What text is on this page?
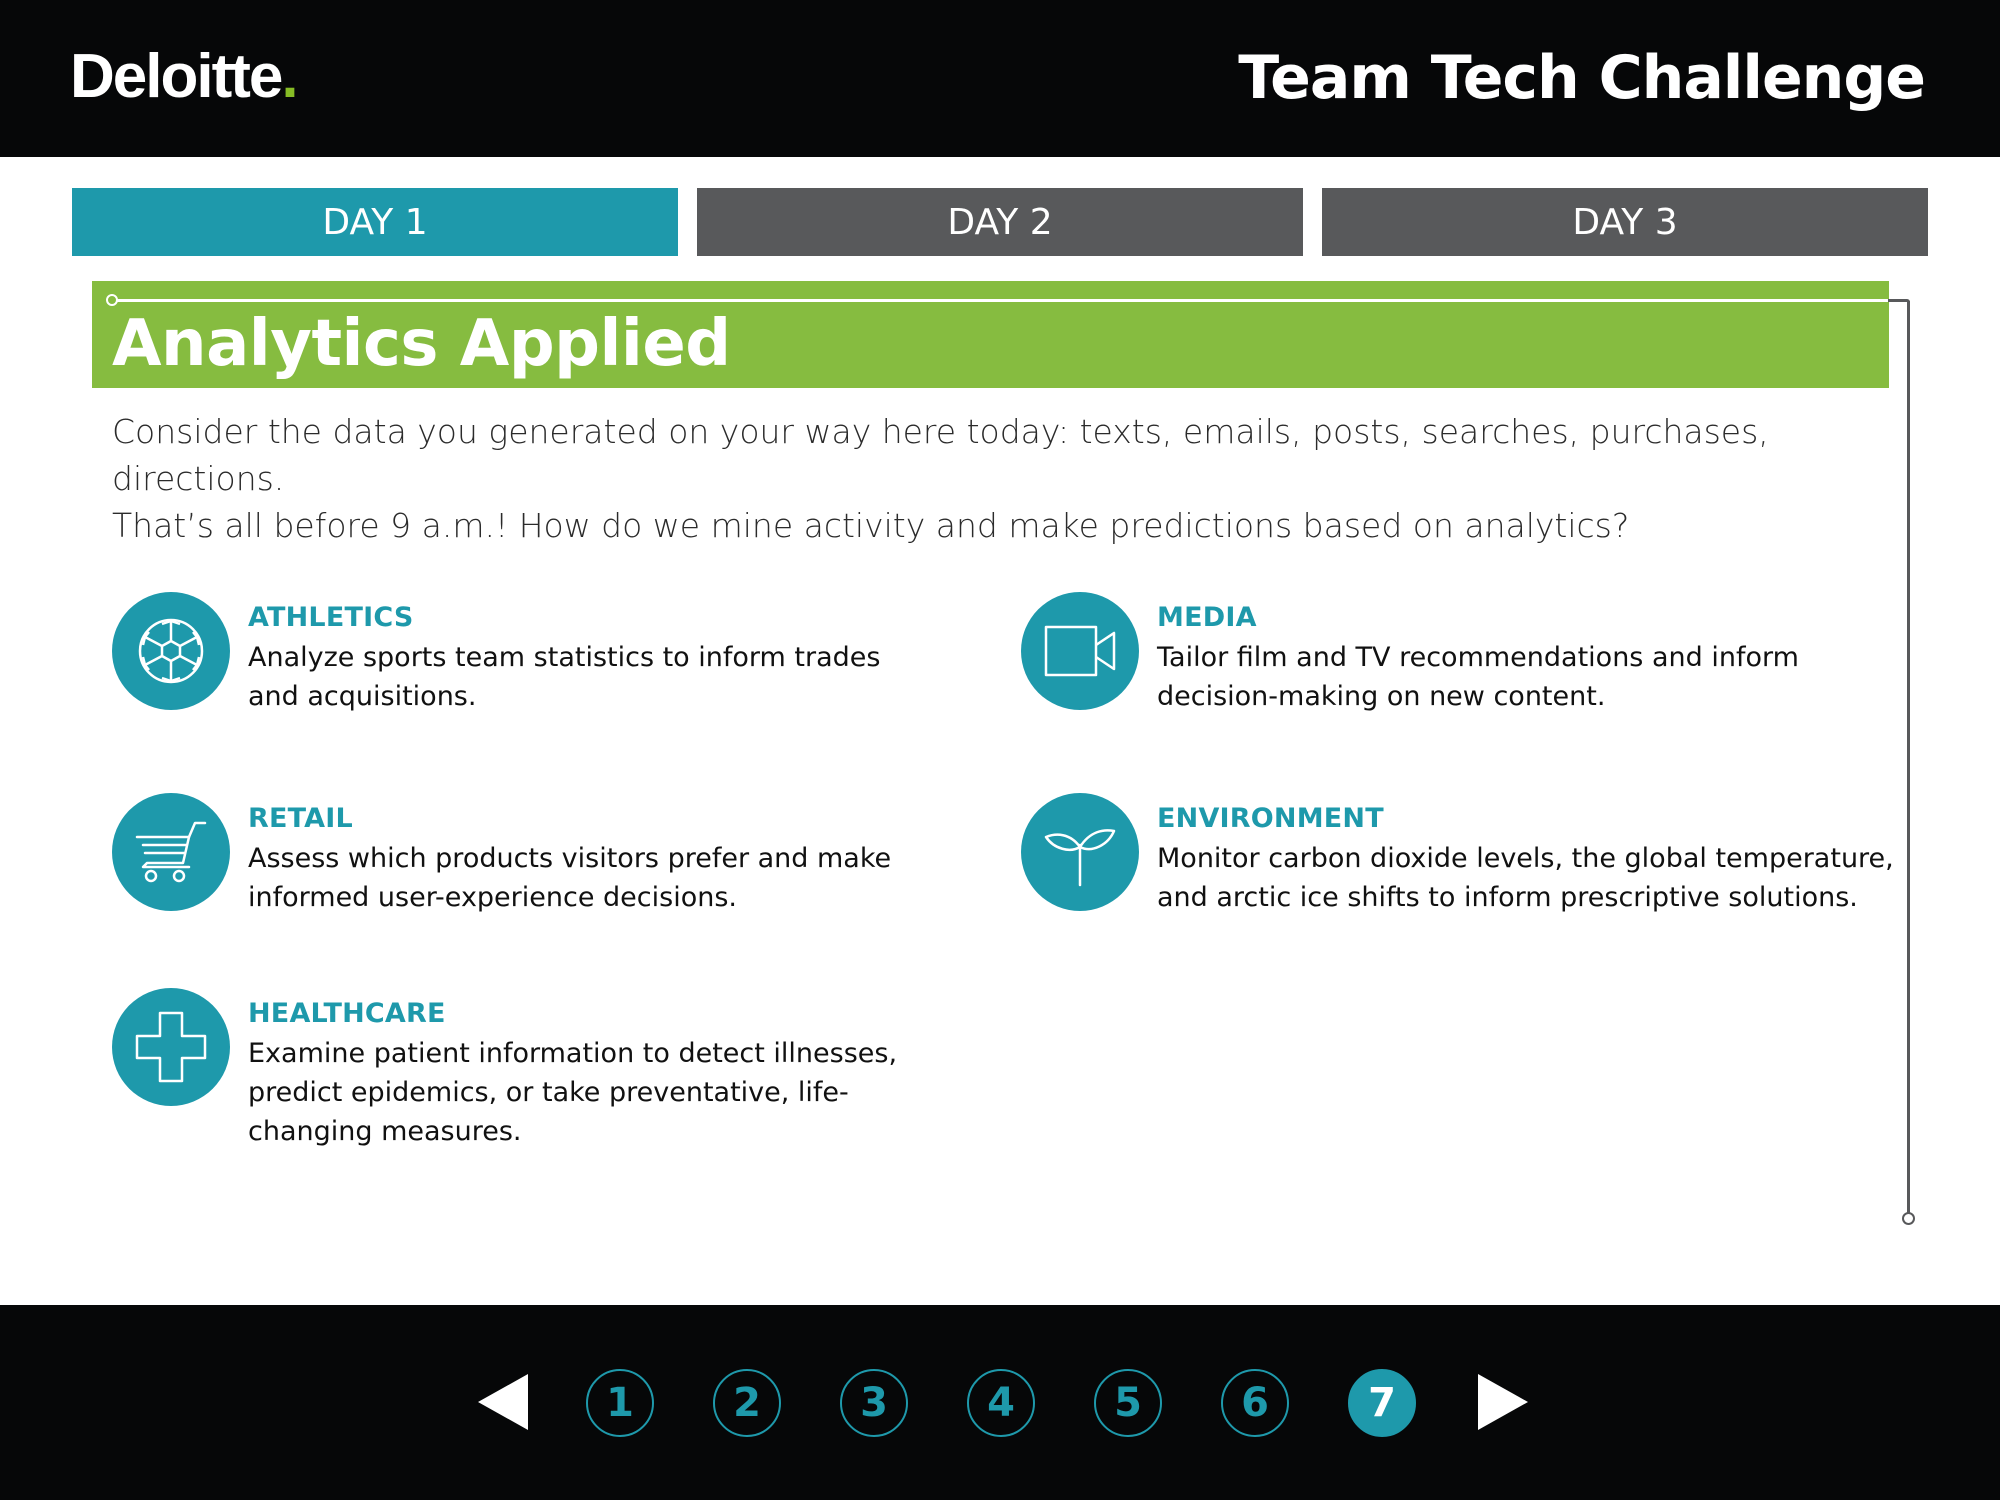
Deloitte.	Team Tech Challenge
DAY 1	DAY 2	DAY 3
Analytics Applied
Consider the data you generated on your way here today: texts, emails, posts, searches, purchases, directions.
That’s all before 9 a.m.! How do we mine activity and make predictions based on analytics?
ATHLETICS
Analyze sports team statistics to inform trades and acquisitions.
MEDIA
Tailor film and TV recommendations and inform decision-making on new content.
RETAIL
Assess which products visitors prefer and make informed user-experience decisions.
ENVIRONMENT
Monitor carbon dioxide levels, the global temperature, and arctic ice shifts to inform prescriptive solutions.
HEALTHCARE
Examine patient information to detect illnesses, predict epidemics, or take preventative, life-changing measures.
1	2	3	4	5	6	7
